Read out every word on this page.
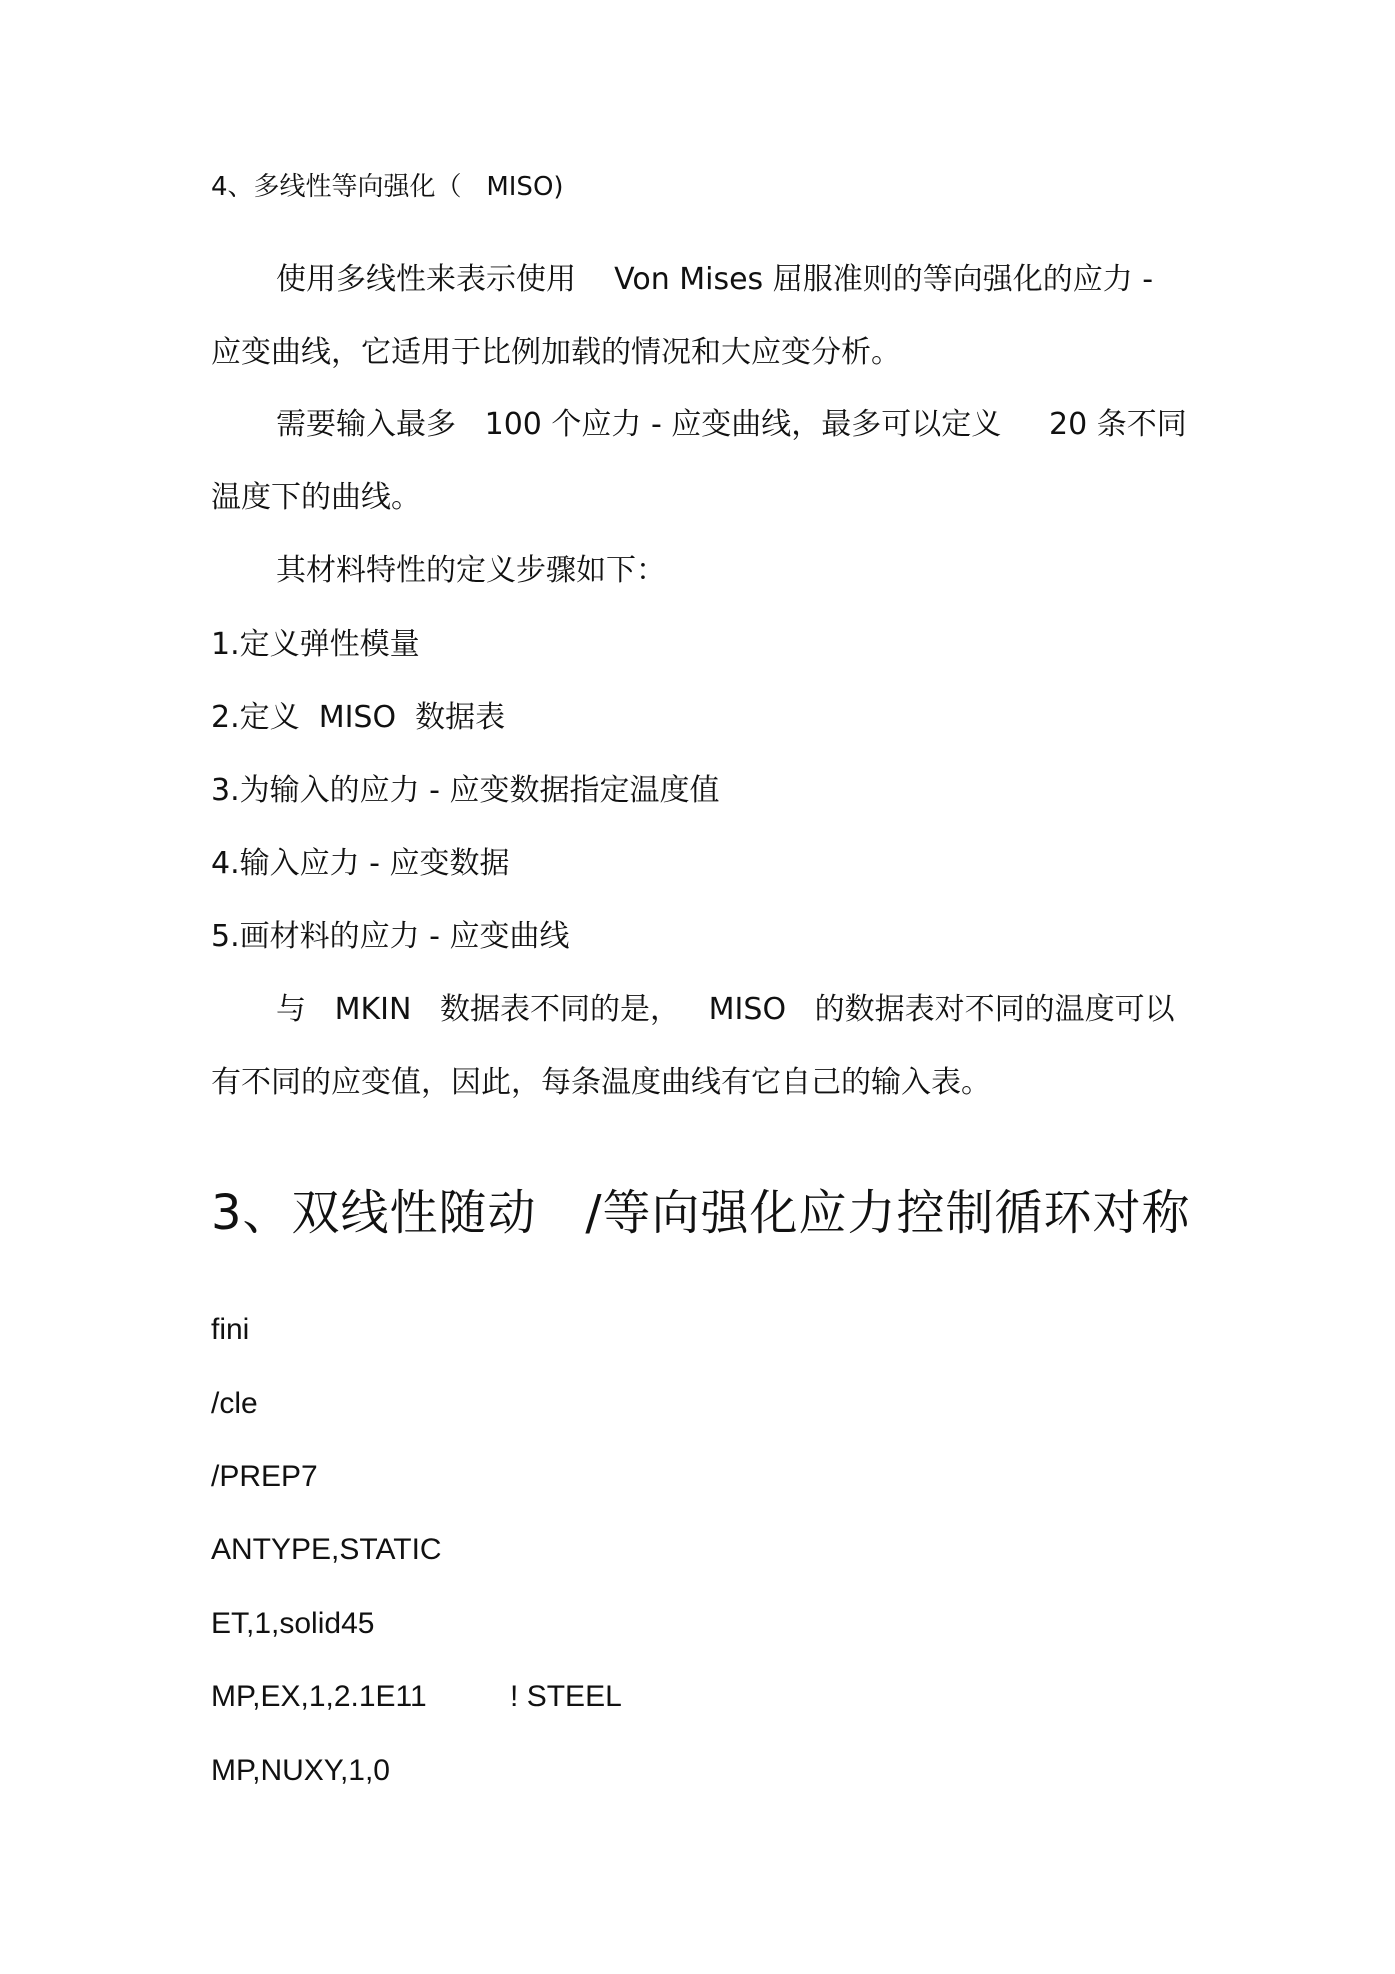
4、多线性等向强化（   MISO)
使用多线性来表示使用    Von Mises 屈服准则的等向强化的应力 -
应变曲线，它适用于比例加载的情况和大应变分析。
需要输入最多   100 个应力 - 应变曲线，最多可以定义     20 条不同
温度下的曲线。
其材料特性的定义步骤如下：
1.定义弹性模量
2.定义  MISO  数据表
3.为输入的应力 - 应变数据指定温度值
4.输入应力 - 应变数据
5.画材料的应力 - 应变曲线
与   MKIN   数据表不同的是，   MISO   的数据表对不同的温度可以
有不同的应变值，因此，每条温度曲线有它自己的输入表。
3、双线性随动   /等向强化应力控制循环对称
fini
/cle
/PREP7
ANTYPE,STATIC
ET,1,solid45
MP,EX,1,2.1E11          ! STEEL
MP,NUXY,1,0
